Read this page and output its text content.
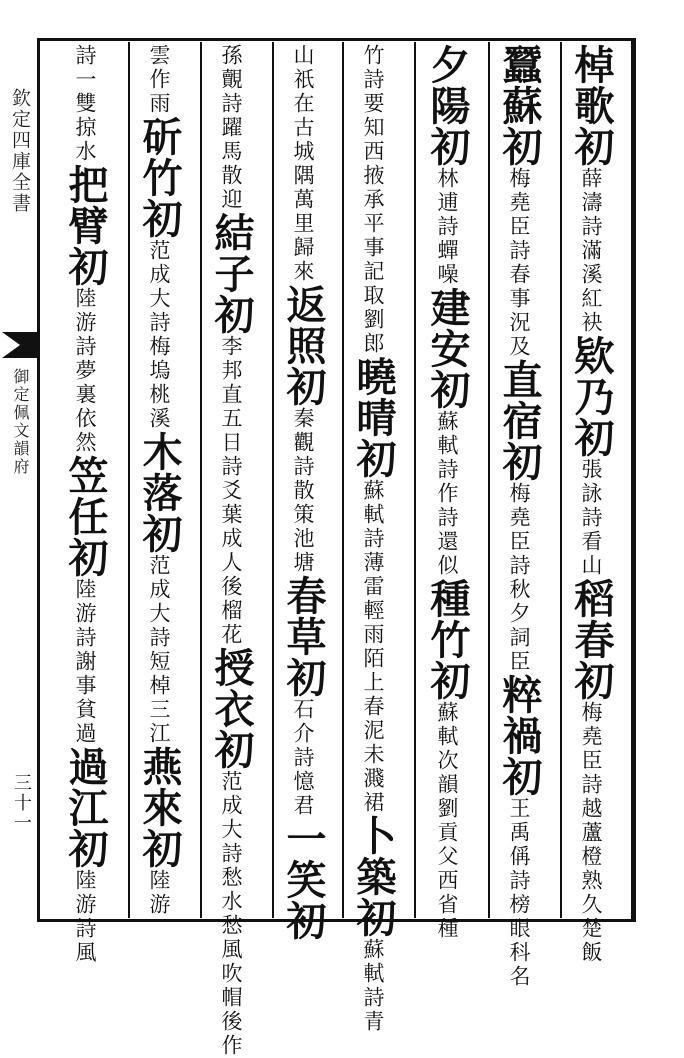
欽定四庫全書
御定佩文韻府
三十一
棹歌初薛濤詩滿溪紅袂欵乃初張詠詩看山稻春初梅堯臣詩越蘆橙熟久楚飯
蠶蘇初梅堯臣詩春事況及直宿初梅堯臣詩秋夕詞臣粹禍初王禹偁詩榜眼科名
夕陽初林逋詩蟬噪建安初蘇軾詩作詩還似種竹初蘇軾次韻劉貢父西省種
竹詩要知西掖承平事記取劉郎曉晴初蘇軾詩薄雷輕雨陌上春泥未濺裙卜築初蘇軾詩青
山祇在古城隅萬里歸來返照初秦觀詩散策池塘春草初石介詩憶君一笑初
孫覿詩躍馬散迎結子初李邦直五日詩爻葉成人後榴花授衣初范成大詩愁水愁風吹帽後作
雲作雨斫竹初范成大詩梅塢桃溪木落初范成大詩短棹三江燕來初陸游
詩一雙掠水把臂初陸游詩夢裏依然笠任初陸游詩謝事貧過過江初陸游詩風
